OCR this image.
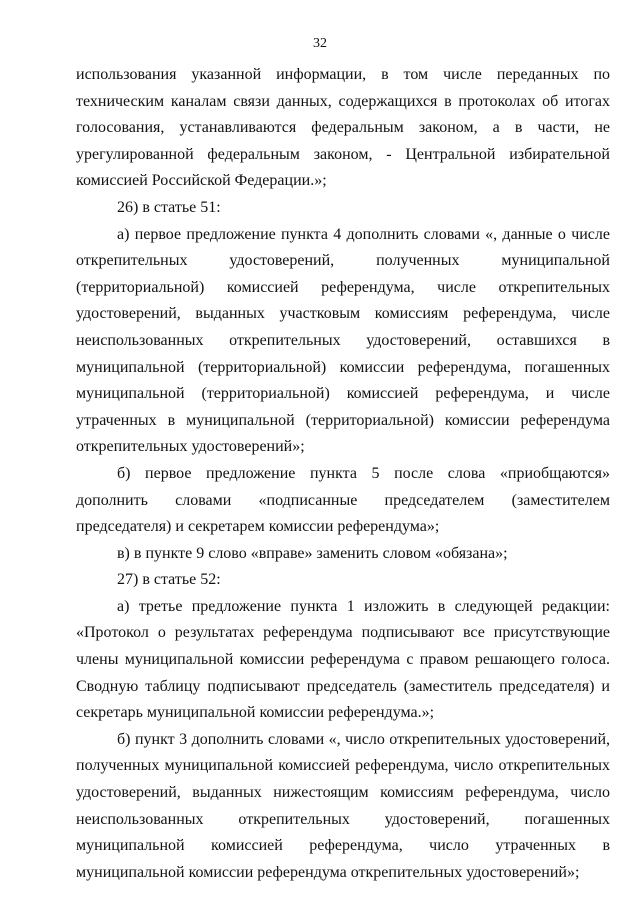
32

использования указанной информации, в том числе переданных по техническим каналам связи данных, содержащихся в протоколах об итогах голосования, устанавливаются федеральным законом, а в части, не урегулированной федеральным законом, - Центральной избирательной комиссией Российской Федерации.»;

26) в статье 51:

а) первое предложение пункта 4 дополнить словами «, данные о числе открепительных удостоверений, полученных муниципальной (территориальной) комиссией референдума, числе открепительных удостоверений, выданных участковым комиссиям референдума, числе неиспользованных открепительных удостоверений, оставшихся в муниципальной (территориальной) комиссии референдума, погашенных муниципальной (территориальной) комиссией референдума, и числе утраченных в муниципальной (территориальной) комиссии референдума открепительных удостоверений»;

б) первое предложение пункта 5 после слова «приобщаются» дополнить словами «подписанные председателем (заместителем председателя) и секретарем комиссии референдума»;

в) в пункте 9 слово «вправе» заменить словом «обязана»;

27) в статье 52:

а) третье предложение пункта 1 изложить в следующей редакции: «Протокол о результатах референдума подписывают все присутствующие члены муниципальной комиссии референдума с правом решающего голоса. Сводную таблицу подписывают председатель (заместитель председателя) и секретарь муниципальной комиссии референдума.»;

б) пункт 3 дополнить словами «, число открепительных удостоверений, полученных муниципальной комиссией референдума, число открепительных удостоверений, выданных нижестоящим комиссиям референдума, число неиспользованных открепительных удостоверений, погашенных муниципальной комиссией референдума, число утраченных в муниципальной комиссии референдума открепительных удостоверений»;
